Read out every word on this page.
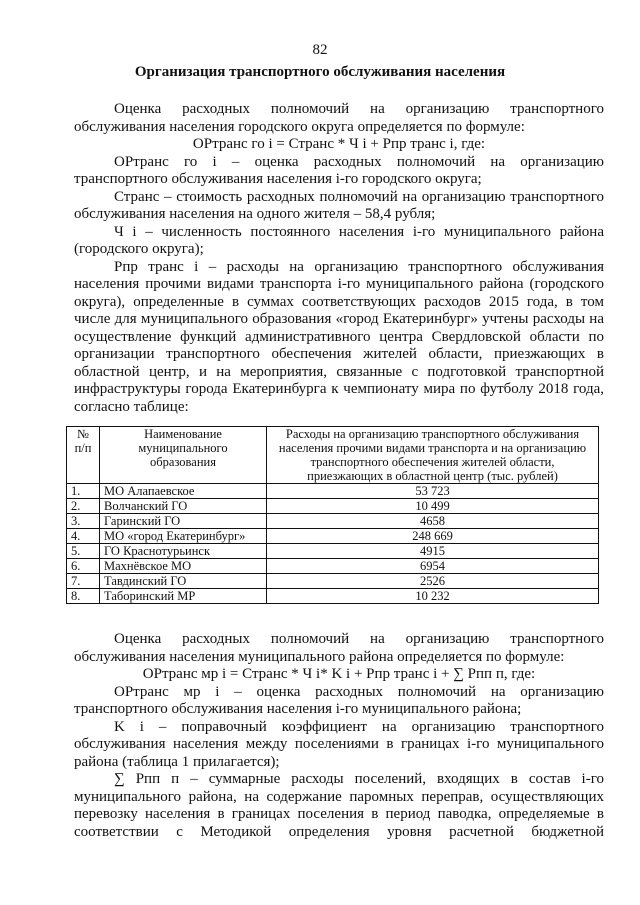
82
Организация транспортного обслуживания населения

Оценка расходных полномочий на организацию транспортного обслуживания населения городского округа определяется по формуле:

ОРтранс го i = Странс * Ч i + Рпр транс i, где:

ОРтранс го i – оценка расходных полномочий на организацию транспортного обслуживания населения i-го городского округа;

Странс – стоимость расходных полномочий на организацию транспортного обслуживания населения на одного жителя – 58,4 рубля;

Ч i – численность постоянного населения i-го муниципального района (городского округа);

Рпр транс i – расходы на организацию транспортного обслуживания населения прочими видами транспорта i-го муниципального района (городского округа), определенные в суммах соответствующих расходов 2015 года, в том числе для муниципального образования «город Екатеринбург» учтены расходы на осуществление функций административного центра Свердловской области по организации транспортного обеспечения жителей области, приезжающих в областной центр, и на мероприятия, связанные с подготовкой транспортной инфраструктуры города Екатеринбурга к чемпионату мира по футболу 2018 года, согласно таблице:

№ п/п	Наименование муниципального образования	Расходы на организацию транспортного обслуживания населения прочими видами транспорта и на организацию транспортного обеспечения жителей области, приезжающих в областной центр (тыс. рублей)
1.	МО Алапаевское	53 723
2.	Волчанский ГО	10 499
3.	Гаринский ГО	4658
4.	МО «город Екатеринбург»	248 669
5.	ГО Краснотурьинск	4915
6.	Махнёвское МО	6954
7.	Тавдинский ГО	2526
8.	Таборинский МР	10 232

Оценка расходных полномочий на организацию транспортного обслуживания населения муниципального района определяется по формуле:

ОРтранс мр i = Странс * Ч i* K i + Рпр транс i + ∑ Рпп п, где:

ОРтранс мр i – оценка расходных полномочий на организацию транспортного обслуживания населения i-го муниципального района;

K i – поправочный коэффициент на организацию транспортного обслуживания населения между поселениями в границах i-го муниципального района (таблица 1 прилагается);

∑ Рпп п – суммарные расходы поселений, входящих в состав i-го муниципального района, на содержание паромных переправ, осуществляющих перевозку населения в границах поселения в период паводка, определяемые в соответствии с Методикой определения уровня расчетной бюджетной
